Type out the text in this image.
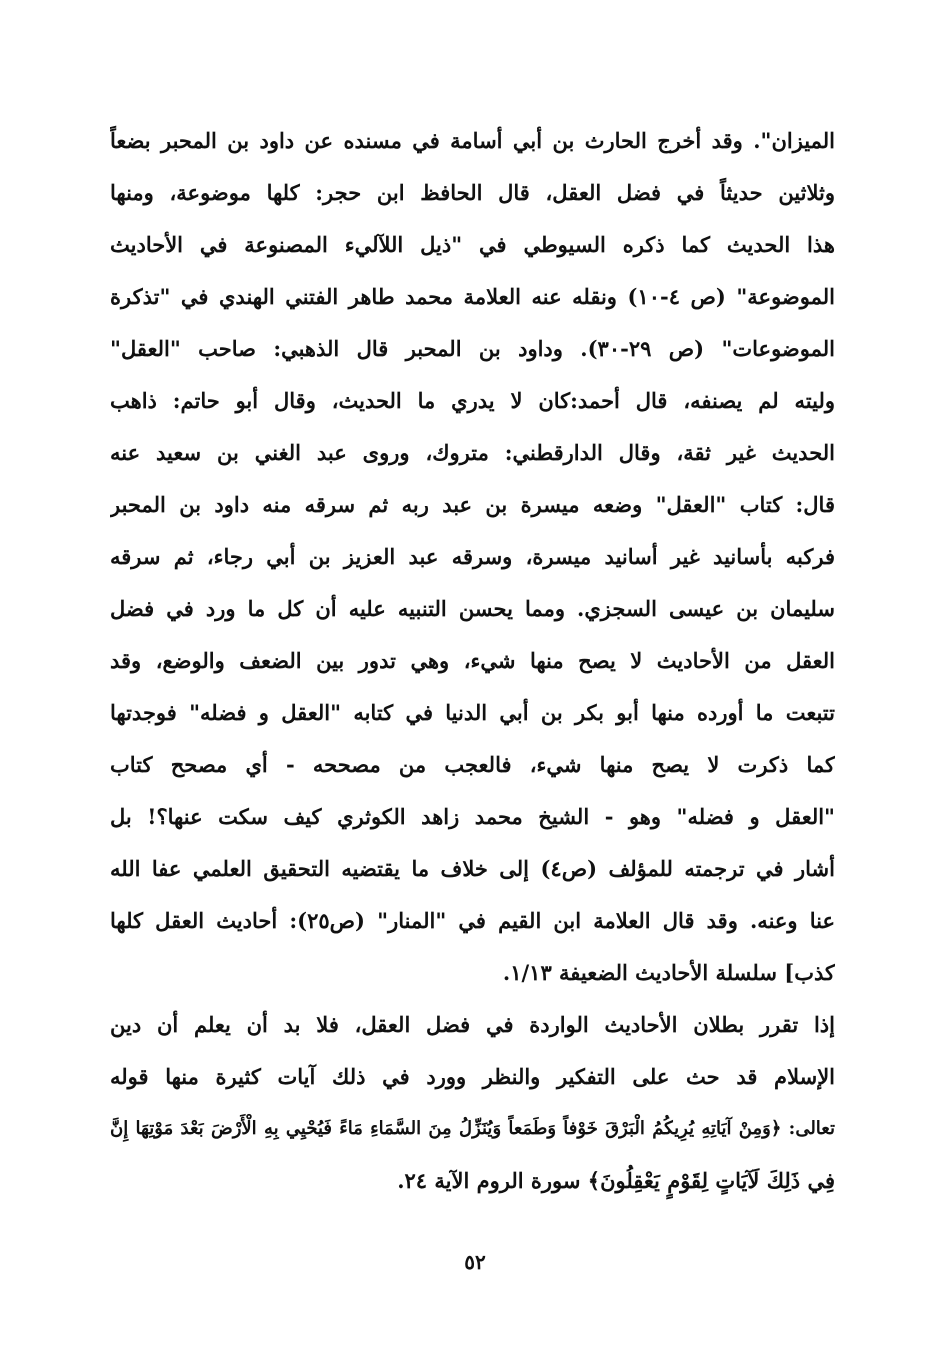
الميزان". وقد أخرج الحارث بن أبي أسامة في مسنده عن داود بن المحبر بضعاً
وثلاثين حديثاً في فضل العقل، قال الحافظ ابن حجر: كلها موضوعة، ومنها
هذا الحديث كما ذكره السيوطي في "ذيل اللآليء المصنوعة في الأحاديث
الموضوعة" (ص ٤-١٠) ونقله عنه العلامة محمد طاهر الفتني الهندي في "تذكرة
الموضوعات" (ص ٢٩-٣٠). وداود بن المحبر قال الذهبي: صاحب "العقل"
وليته لم يصنفه، قال أحمد:كان لا يدري ما الحديث، وقال أبو حاتم: ذاهب
الحديث غير ثقة، وقال الدارقطني: متروك، وروى عبد الغني بن سعيد عنه
قال: كتاب "العقل" وضعه ميسرة بن عبد ربه ثم سرقه منه داود بن المحبر
فركبه بأسانيد غير أسانيد ميسرة، وسرقه عبد العزيز بن أبي رجاء، ثم سرقه
سليمان بن عيسى السجزي. ومما يحسن التنبيه عليه أن كل ما ورد في فضل
العقل من الأحاديث لا يصح منها شيء، وهي تدور بين الضعف والوضع، وقد
تتبعت ما أورده منها أبو بكر بن أبي الدنيا في كتابه "العقل و فضله" فوجدتها
كما ذكرت لا يصح منها شيء، فالعجب من مصححه - أي مصحح كتاب
"العقل و فضله" وهو - الشيخ محمد زاهد الكوثري كيف سكت عنها؟! بل
أشار في ترجمته للمؤلف (ص٤) إلى خلاف ما يقتضيه التحقيق العلمي عفا الله
عنا وعنه. وقد قال العلامة ابن القيم في "المنار" (ص٢٥): أحاديث العقل كلها
كذب] سلسلة الأحاديث الضعيفة ١/١٣.
إذا تقرر بطلان الأحاديث الواردة في فضل العقل، فلا بد أن يعلم أن دين
الإسلام قد حث على التفكير والنظر وورد في ذلك آيات كثيرة منها قوله
تعالى: ﴿وَمِنْ آيَاتِهِ يُرِيكُمُ الْبَرْقَ خَوْفاً وَطَمَعاً وَيُنَزِّلُ مِنَ السَّمَاءِ مَاءً فَيُحْيِي بِهِ الْأَرْضَ بَعْدَ مَوْتِهَا إِنَّ
فِي ذَلِكَ لَآيَاتٍ لِقَوْمٍ يَعْقِلُونَ﴾ سورة الروم الآية ٢٤.
٥٢
